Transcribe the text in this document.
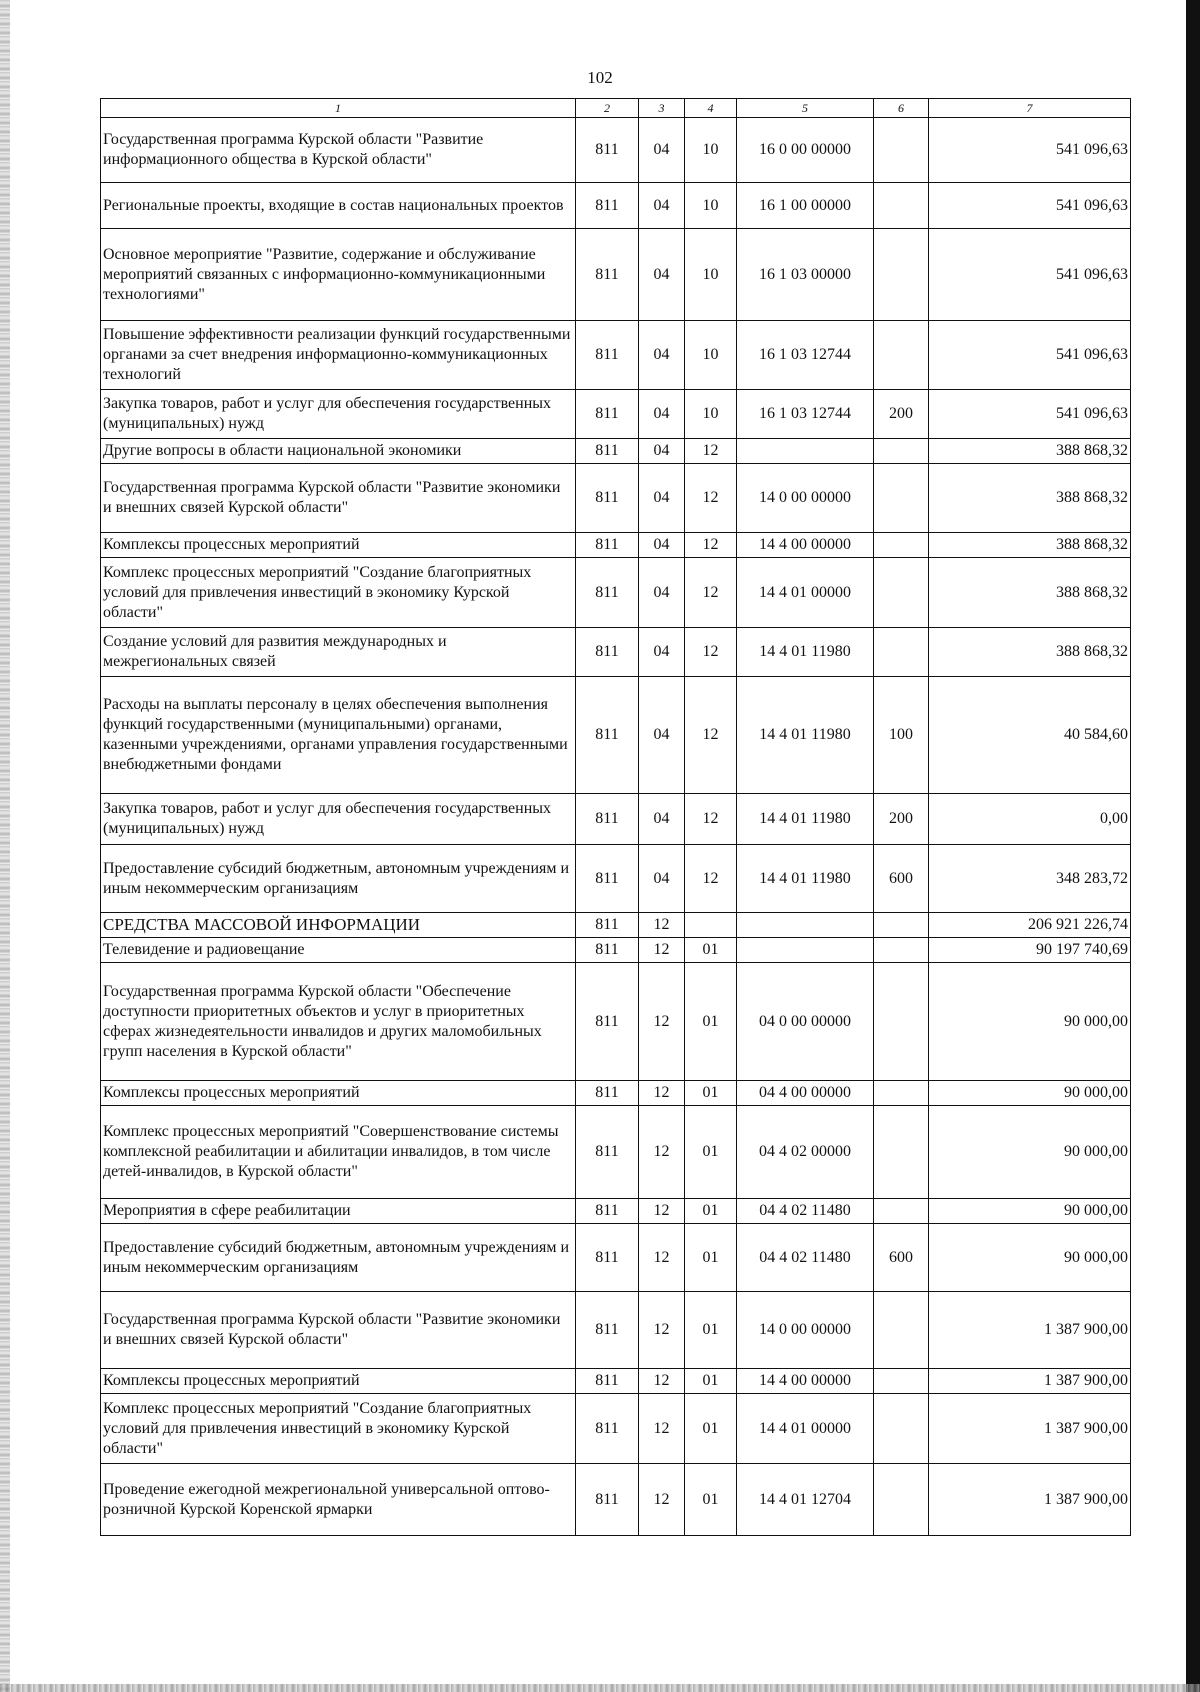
102
1	2	3	4	5	6	7
Государственная программа Курской области "Развитие информационного общества в Курской области"	811	04	10	16 0 00 00000		541 096,63
Региональные проекты, входящие в состав национальных проектов	811	04	10	16 1 00 00000		541 096,63
Основное мероприятие "Развитие, содержание и обслуживание мероприятий связанных с информационно-коммуникационными технологиями"	811	04	10	16 1 03 00000		541 096,63
Повышение эффективности реализации функций государственными органами за счет внедрения информационно-коммуникационных технологий	811	04	10	16 1 03 12744		541 096,63
Закупка товаров, работ и услуг для обеспечения государственных (муниципальных) нужд	811	04	10	16 1 03 12744	200	541 096,63
Другие вопросы в области национальной экономики	811	04	12			388 868,32
Государственная программа Курской области "Развитие экономики и внешних связей Курской области"	811	04	12	14 0 00 00000		388 868,32
Комплексы процессных мероприятий	811	04	12	14 4 00 00000		388 868,32
Комплекс процессных мероприятий "Создание благоприятных условий для привлечения инвестиций в экономику Курской области"	811	04	12	14 4 01 00000		388 868,32
Создание условий для развития международных и межрегиональных связей	811	04	12	14 4 01 11980		388 868,32
Расходы на выплаты персоналу в целях обеспечения выполнения функций государственными (муниципальными) органами, казенными учреждениями, органами управления государственными внебюджетными фондами	811	04	12	14 4 01 11980	100	40 584,60
Закупка товаров, работ и услуг для обеспечения государственных (муниципальных) нужд	811	04	12	14 4 01 11980	200	0,00
Предоставление субсидий бюджетным, автономным учреждениям и иным некоммерческим организациям	811	04	12	14 4 01 11980	600	348 283,72
СРЕДСТВА МАССОВОЙ ИНФОРМАЦИИ	811	12				206 921 226,74
Телевидение и радиовещание	811	12	01			90 197 740,69
Государственная программа Курской области "Обеспечение доступности приоритетных объектов и услуг в приоритетных сферах жизнедеятельности инвалидов и других маломобильных групп населения в Курской области"	811	12	01	04 0 00 00000		90 000,00
Комплексы процессных мероприятий	811	12	01	04 4 00 00000		90 000,00
Комплекс процессных мероприятий "Совершенствование системы комплексной реабилитации и абилитации инвалидов, в том числе детей-инвалидов, в Курской области"	811	12	01	04 4 02 00000		90 000,00
Мероприятия в сфере реабилитации	811	12	01	04 4 02 11480		90 000,00
Предоставление субсидий бюджетным, автономным учреждениям и иным некоммерческим организациям	811	12	01	04 4 02 11480	600	90 000,00
Государственная программа Курской области "Развитие экономики и внешних связей Курской области"	811	12	01	14 0 00 00000		1 387 900,00
Комплексы процессных мероприятий	811	12	01	14 4 00 00000		1 387 900,00
Комплекс процессных мероприятий "Создание благоприятных условий для привлечения инвестиций в экономику Курской области"	811	12	01	14 4 01 00000		1 387 900,00
Проведение ежегодной межрегиональной универсальной оптово-розничной Курской Коренской ярмарки	811	12	01	14 4 01 12704		1 387 900,00
